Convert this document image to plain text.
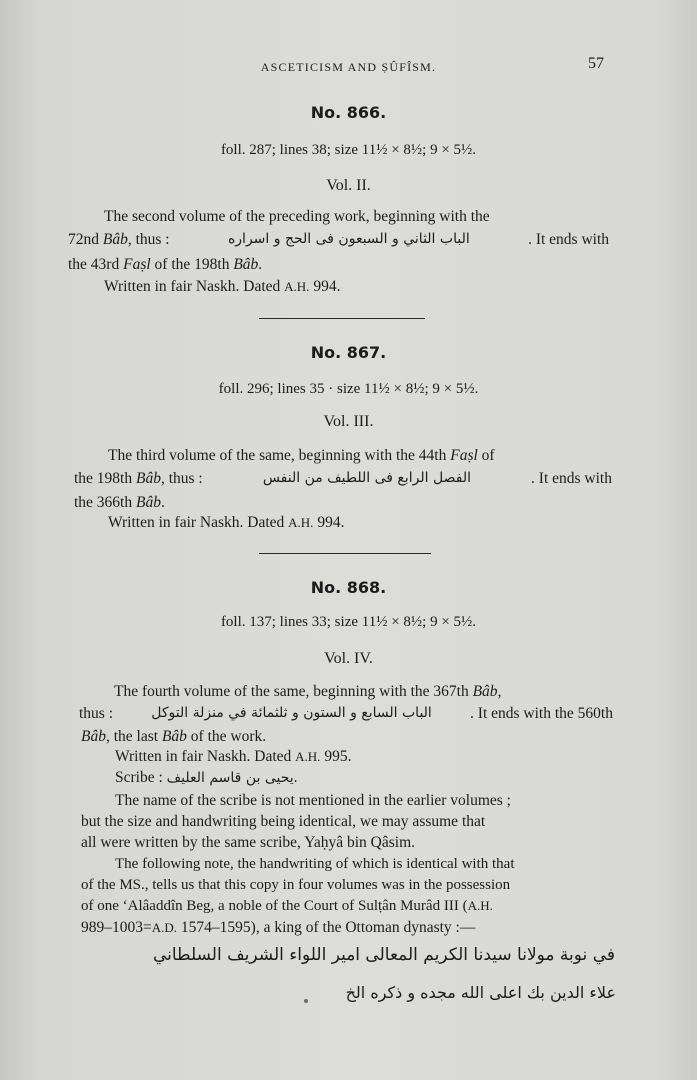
ASCETICISM AND ṢÛFÎSM.	57
No. 866.
foll. 287; lines 38; size 11½ × 8½; 9 × 5½.
Vol. II.
The second volume of the preceding work, beginning with the
72nd Bâb, thus :	الباب الثاني و السبعون فى الحج و اسراره	. It ends with
the 43rd Faṣl of the 198th Bâb.
Written in fair Naskh. Dated A.H. 994.
No. 867.
foll. 296; lines 35 · size 11½ × 8½; 9 × 5½.
Vol. III.
The third volume of the same, beginning with the 44th Faṣl of
the 198th Bâb, thus :	الفصل الرابع فى اللطيف من النفس	. It ends with
the 366th Bâb.
Written in fair Naskh. Dated A.H. 994.
No. 868.
foll. 137; lines 33; size 11½ × 8½; 9 × 5½.
Vol. IV.
The fourth volume of the same, beginning with the 367th Bâb,
thus :	الباب السابع و الستون و ثلثمائة في منزلة التوكل . It ends with the 560th
Bâb, the last Bâb of the work.
Written in fair Naskh. Dated A.H. 995.
Scribe : يحيى بن قاسم العليف.
The name of the scribe is not mentioned in the earlier volumes ;
but the size and handwriting being identical, we may assume that
all were written by the same scribe, Yaḥyâ bin Qâsim.
The following note, the handwriting of which is identical with that
of the MS., tells us that this copy in four volumes was in the possession
of one ‘Alâaddîn Beg, a noble of the Court of Sulṭân Murâd III (A.H.
989–1003=A.D. 1574–1595), a king of the Ottoman dynasty :—
في نوبة مولانا سيدنا الكريم المعالى امير اللواء الشريف السلطاني
علاء الدين بك اعلى الله مجده و ذكره الخ
